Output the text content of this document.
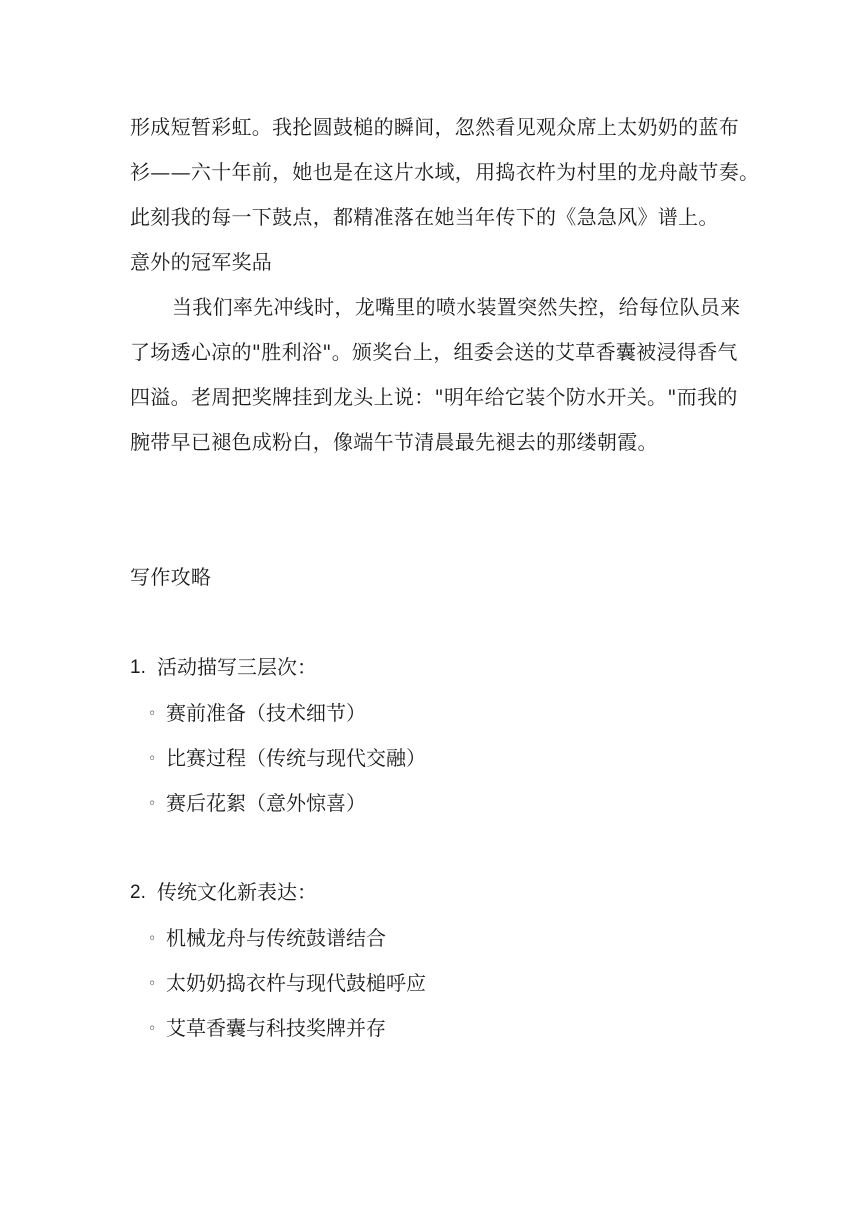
形成短暂彩虹。我抡圆鼓槌的瞬间，忽然看见观众席上太奶奶的蓝布
衫——六十年前，她也是在这片水域，用捣衣杵为村里的龙舟敲节奏。
此刻我的每一下鼓点，都精准落在她当年传下的《急急风》谱上。
意外的冠军奖品
当我们率先冲线时，龙嘴里的喷水装置突然失控，给每位队员来
了场透心凉的"胜利浴"。颁奖台上，组委会送的艾草香囊被浸得香气
四溢。老周把奖牌挂到龙头上说："明年给它装个防水开关。"而我的
腕带早已褪色成粉白，像端午节清晨最先褪去的那缕朝霞。
写作攻略
1. 活动描写三层次：
◦ 赛前准备（技术细节）
◦ 比赛过程（传统与现代交融）
◦ 赛后花絮（意外惊喜）
2. 传统文化新表达：
◦ 机械龙舟与传统鼓谱结合
◦ 太奶奶捣衣杵与现代鼓槌呼应
◦ 艾草香囊与科技奖牌并存
